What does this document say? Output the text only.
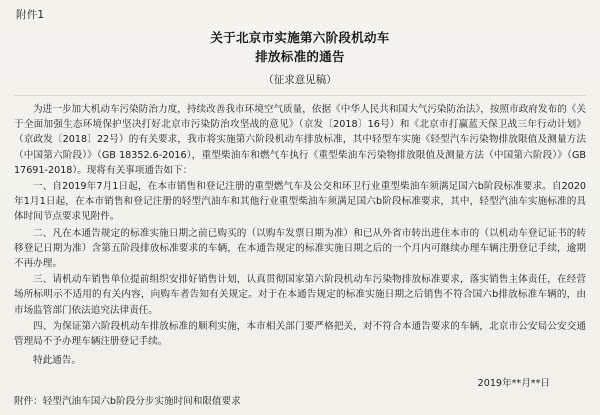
附件1
关于北京市实施第六阶段机动车
排放标准的通告
（征求意见稿）

为进一步加大机动车污染防治力度，持续改善我市环境空气质量，依据《中华人民共和国大气污染防治法》，按照市政府发布的《关于全面加强生态环境保护坚决打好北京市污染防治攻坚战的意见》（京发〔2018〕16号）和《北京市打赢蓝天保卫战三年行动计划》（京政发〔2018〕22号）的有关要求，我市将实施第六阶段机动车排放标准，其中轻型车实施《轻型汽车污染物排放限值及测量方法（中国第六阶段）》（GB 18352.6-2016），重型柴油车和燃气车执行《重型柴油车污染物排放限值及测量方法（中国第六阶段）》（GB 17691-2018）。现将有关事项通告如下：

一、自2019年7月1日起，在本市销售和登记注册的重型燃气车及公交和环卫行业重型柴油车须满足国六b阶段标准要求。自2020年1月1日起，在本市销售和登记注册的轻型汽油车和其他行业重型柴油车须满足国六b阶段标准要求，其中，轻型汽油车实施标准的具体时间节点要求见附件。

二、凡在本通告规定的标准实施日期之前已购买的（以购车发票日期为准）和已从外省市转出进住本市的（以机动车登记证书的转移登记日期为准）含第五阶段排放标准要求的车辆，在本通告规定的标准实施日期之后的一个月内可继续办理车辆注册登记手续，逾期不再办理。

三、请机动车销售单位提前组织安排好销售计划，认真贯彻国家第六阶段机动车污染物排放标准要求，落实销售主体责任，在经营场所标明示不适用的有关内容，向购车者告知有关规定。对于在本通告规定的标准实施日期之后销售不符合国六b排放标准车辆的，由市场监管部门依法追究法律责任。

四、为保证第六阶段机动车排放标准的顺利实施，本市相关部门要严格把关，对不符合本通告要求的车辆，北京市公安局公安交通管理局不予办理车辆注册登记手续。

特此通告。

2019年**月**日
附件：轻型汽油车国六b阶段分步实施时间和限值要求
